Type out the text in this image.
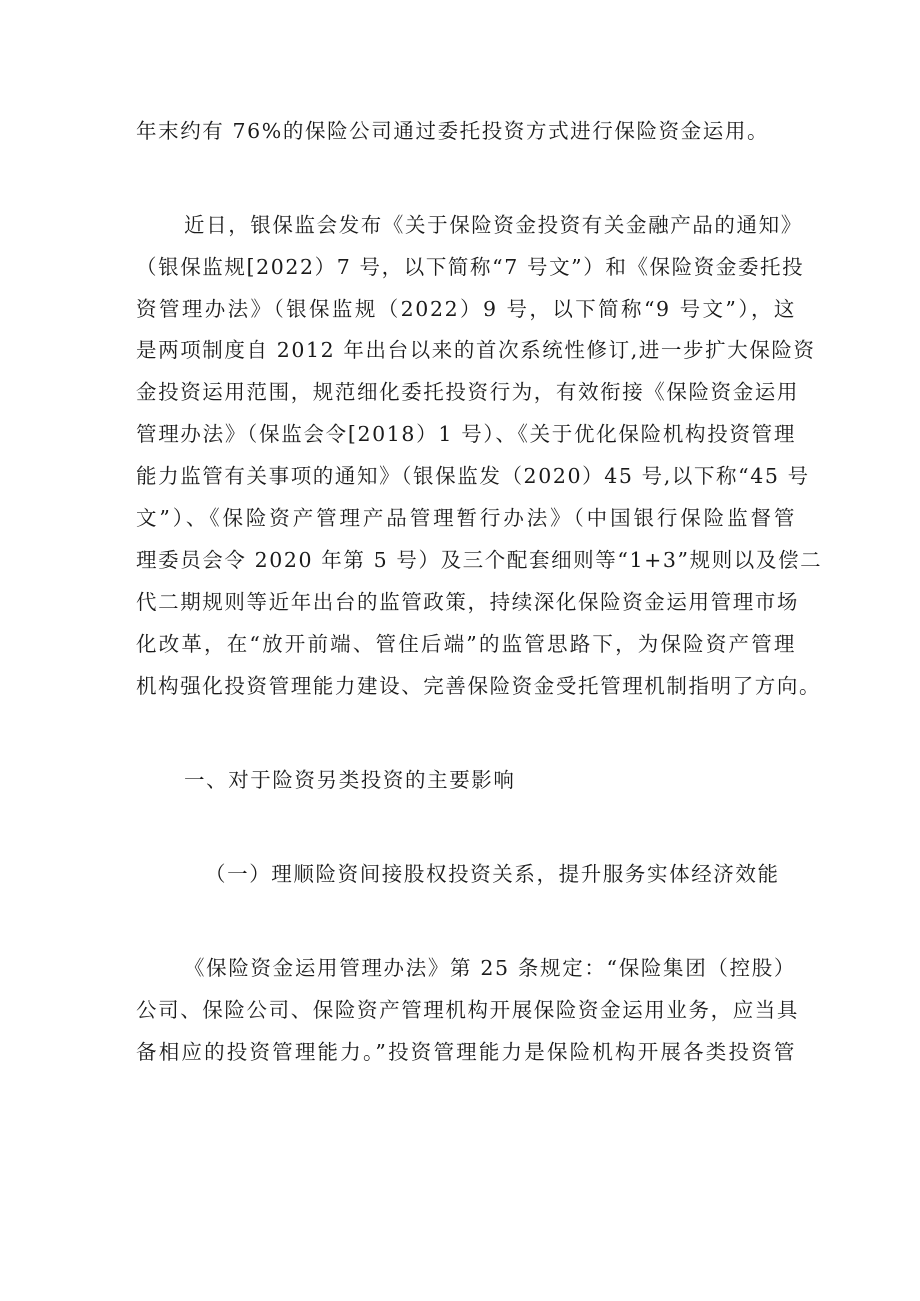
年末约有 76%的保险公司通过委托投资方式进行保险资金运用。
近日，银保监会发布《关于保险资金投资有关金融产品的通知》
（银保监规[2022）7 号，以下简称“7 号文”）和《保险资金委托投
资管理办法》（银保监规（2022）9 号，以下简称“9 号文”），这
是两项制度自 2012 年出台以来的首次系统性修订,进一步扩大保险资
金投资运用范围，规范细化委托投资行为，有效衔接《保险资金运用
管理办法》（保监会令[2018）1 号）、《关于优化保险机构投资管理
能力监管有关事项的通知》（银保监发（2020）45 号,以下称“45 号
文”）、《保险资产管理产品管理暂行办法》（中国银行保险监督管
理委员会令 2020 年第 5 号）及三个配套细则等“1+3”规则以及偿二
代二期规则等近年出台的监管政策，持续深化保险资金运用管理市场
化改革，在“放开前端、管住后端”的监管思路下，为保险资产管理
机构强化投资管理能力建设、完善保险资金受托管理机制指明了方向。
一、对于险资另类投资的主要影响
（一）理顺险资间接股权投资关系，提升服务实体经济效能
《保险资金运用管理办法》第 25 条规定：“保险集团（控股）
公司、保险公司、保险资产管理机构开展保险资金运用业务，应当具
备相应的投资管理能力。”投资管理能力是保险机构开展各类投资管
